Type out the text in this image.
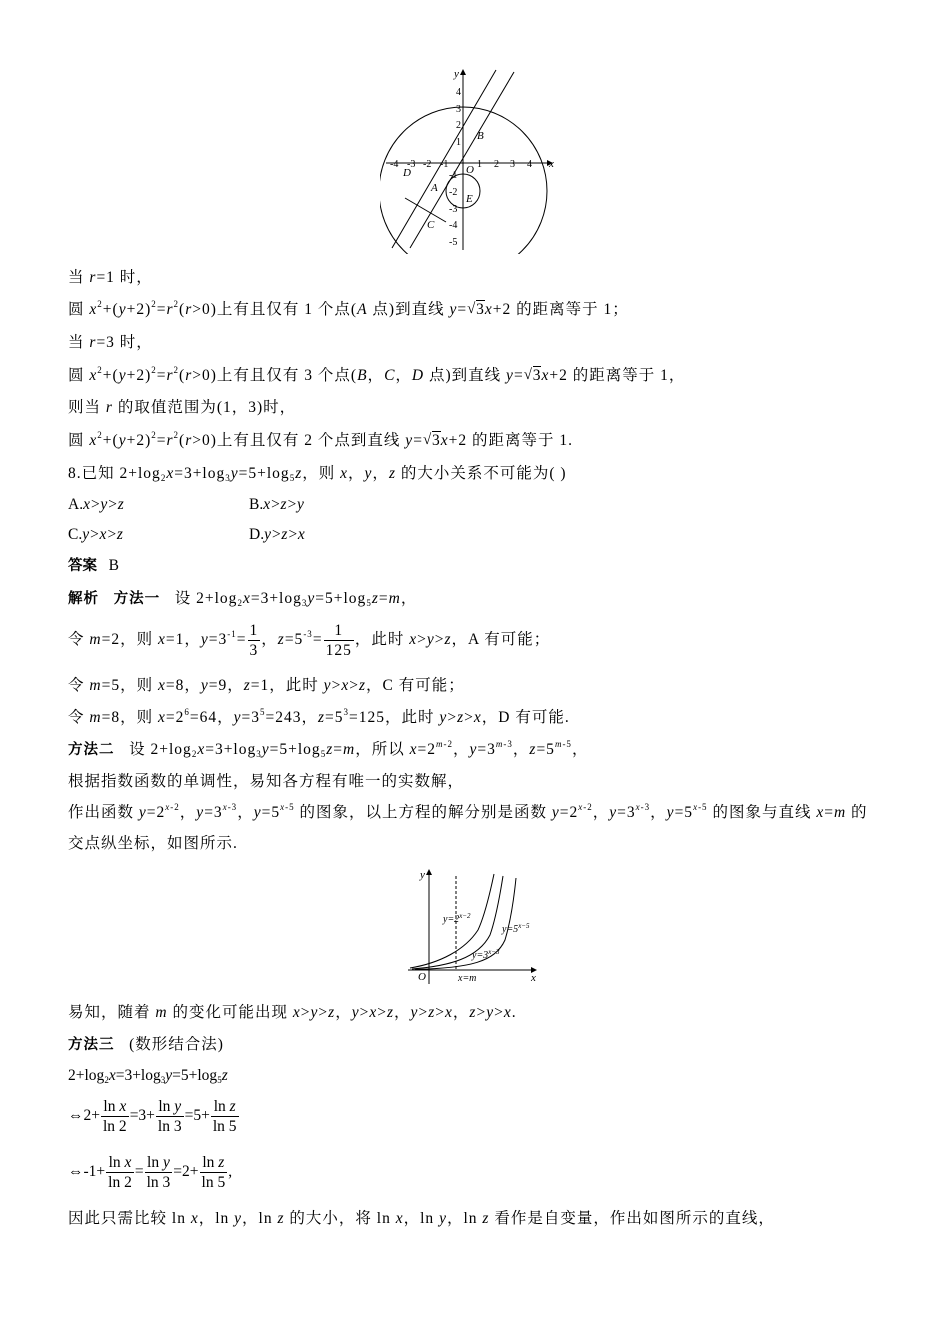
y
x
O
4
3
2
1
-1
-2
-3
-4
-5
-4 -3 -2 -1	1 2 3 4
A
B
C
D
E
当 r=1 时，
圆 $x^2+(y+2)^2=r^2(r>0)$上有且仅有 1 个点(A 点)到直线 y= √ 3x+2 的距离等于 1；
当 r=3 时，
圆 $x^2+(y+2)^2=r^2(r>0)$上有且仅有 3 个点(B，C，D 点)到直线 y= √ 3x+2 的距离等于 1，
则当 r 的取值范围为(1，3)时，
圆 $x^2+(y+2)^2=r^2(r>0)$上有且仅有 2 个点到直线 y= √ 3x+2 的距离等于 1.
8.已知 $2+\log_2x=3+\log_3y=5+\log_5z$，则 x，y，z 的大小关系不可能为( )
A.x>y>z	B.x>z>y
C.y>x>z	D.y>z>x
答案 B
解析 方法一 设 $2+\log_2x=3+\log_3y=5+\log_5z=m$，
令 m=2，则 x=1，$y=3^{-1}= \frac{1}{3}$ ，$z=5^{-3}= \frac{1}{125}$ ，此时 x>y>z，A 有可能；
令 m=5，则 x=8，y=9，z=1，此时 y>x>z，C 有可能；
令 m=8，则 $x=2^6=64$，$y=3^5=243$，$z=5^3=125$，此时 y>z>x，D 有可能.
方法二 设 $2+\log_2x=3+\log_3y=5+\log_5z=m$，所以 $x=2^{m-2}$，$y=3^{m-3}$，$z=5^{m-5}$，
根据指数函数的单调性，易知各方程有唯一的实数解，
作出函数 $y=2^{x-2}$，$y=3^{x-3}$，$y=5^{x-5}$ 的图象，以上方程的解分别是函数 $y=2^{x-2}$，$y=3^{x-3}$，$y=5^{x-5}$ 的图象与直线 x=m 的
交点纵坐标，如图所示.
y
x
O
$y=2^{x-2}$
$y=5^{x-5}$
$y=3^{x-3}$
x=m
易知，随着 m 的变化可能出现 x>y>z，y>x>z，y>z>x，z>y>x.
方法三 (数形结合法)
$2+\log_2x=3+\log_3y=5+\log_5z$
⇔2+ $\frac{\text{ln x}}{\ln 2} =3+ \frac{\text{ln y}}{\ln 3} =5+ \frac{\text{ln z}}{\ln 5}$
⇔-1+ $\frac{\text{ln x}}{\ln 2} = \frac{\text{ln y}}{\ln 3} =2+ \frac{\text{ln z}}{\ln 5}$ ,
因此只需比较 ln x，ln y，ln z 的大小，将 ln x，ln y，ln z 看作是自变量，作出如图所示的直线，
